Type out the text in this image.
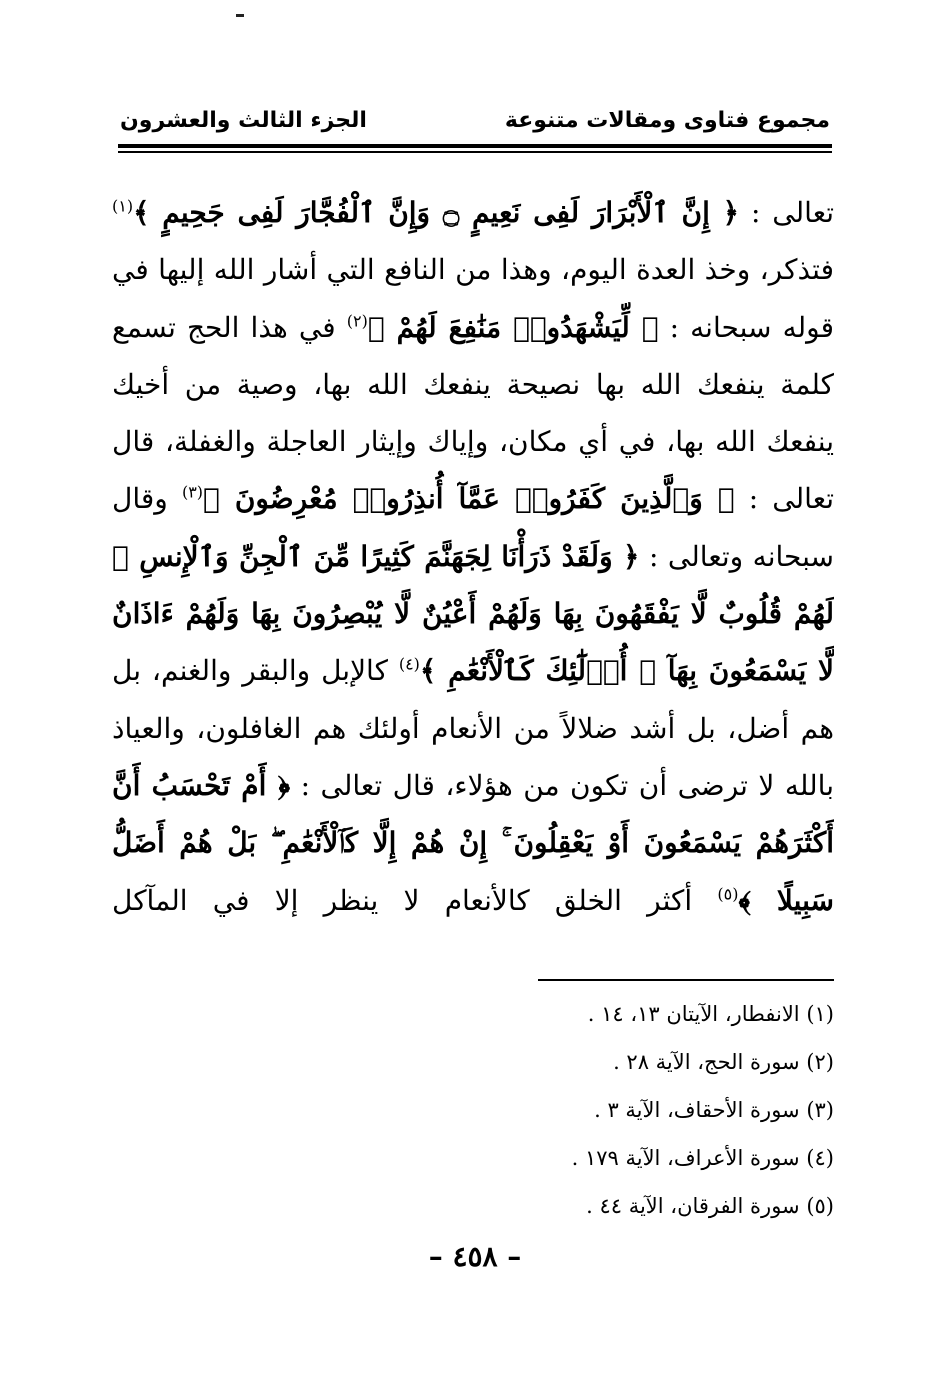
مجموع فتاوى ومقالات متنوعة
الجزء الثالث والعشرون

تعالى : ﴿ إِنَّ ٱلْأَبْرَارَ لَفِى نَعِيمٍ ۝ وَإِنَّ ٱلْفُجَّارَ لَفِى جَحِيمٍ ﴾$^{(١)}$ فتذكر، وخذ العدة اليوم، وهذا من النافع التي أشار الله إليها في قوله سبحانه : ﴿ لِّيَشْهَدُوا۟ مَنَٰفِعَ لَهُمْ ﴾$^{(٢)}$ في هذا الحج تسمع كلمة ينفعك الله بها نصيحة ينفعك الله بها، وصية من أخيك ينفعك الله بها، في أي مكان، وإياك وإيثار العاجلة والغفلة، قال تعالى : ﴿ وَٱلَّذِينَ كَفَرُوا۟ عَمَّآ أُنذِرُوا۟ مُعْرِضُونَ ﴾$^{(٣)}$ وقال سبحانه وتعالى : ﴿ وَلَقَدْ ذَرَأْنَا لِجَهَنَّمَ كَثِيرًا مِّنَ ٱلْجِنِّ وَٱلْإِنسِ ۖ لَهُمْ قُلُوبٌ لَّا يَفْقَهُونَ بِهَا وَلَهُمْ أَعْيُنٌ لَّا يُبْصِرُونَ بِهَا وَلَهُمْ ءَاذَانٌ لَّا يَسْمَعُونَ بِهَآ ۚ أُو۟لَٰٓئِكَ كَٱلْأَنْعَٰمِ ﴾$^{(٤)}$ كالإبل والبقر والغنم، بل هم أضل، بل أشد ضلالاً من الأنعام أولئك هم الغافلون، والعياذ بالله لا ترضى أن تكون من هؤلاء، قال تعالى : ﴿ أَمْ تَحْسَبُ أَنَّ أَكْثَرَهُمْ يَسْمَعُونَ أَوْ يَعْقِلُونَ ۚ إِنْ هُمْ إِلَّا كَٱلْأَنْعَٰمِ ۖ بَلْ هُمْ أَضَلُّ سَبِيلًا ﴾$^{(٥)}$ أكثر الخلق كالأنعام لا ينظر إلا في المآكل

(١) الانفطار، الآيتان ١٣، ١٤ .
(٢) سورة الحج، الآية ٢٨ .
(٣) سورة الأحقاف، الآية ٣ .
(٤) سورة الأعراف، الآية ١٧٩ .
(٥) سورة الفرقان، الآية ٤٤ .
– ٤٥٨ –
